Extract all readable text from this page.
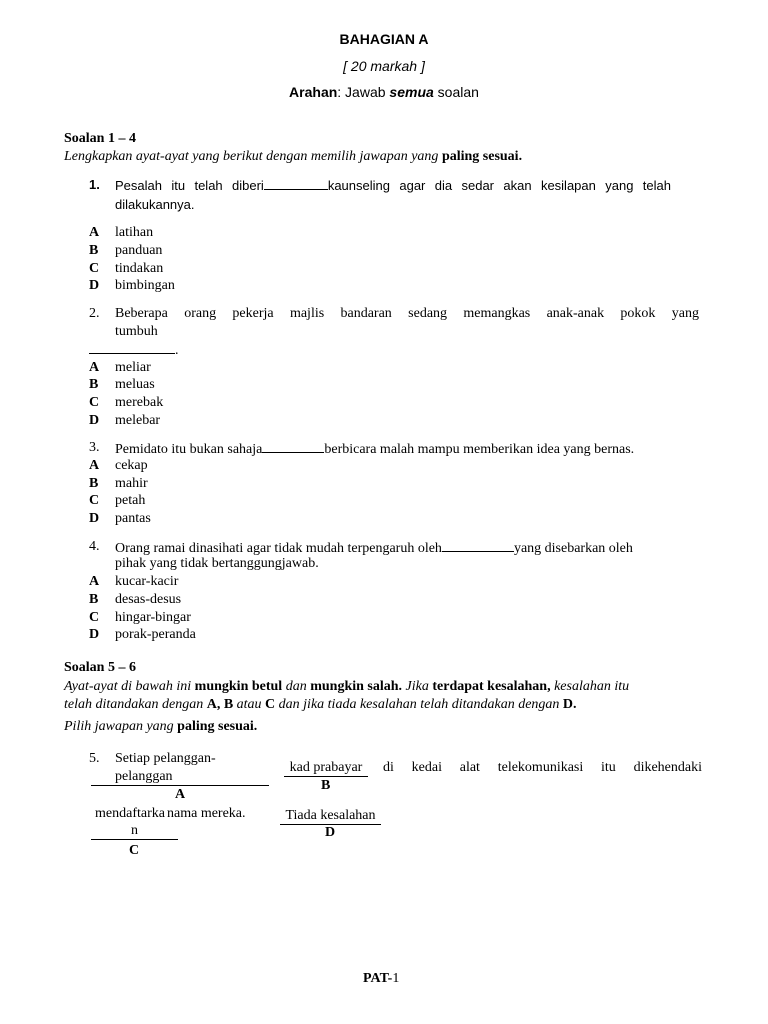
BAHAGIAN A
[ 20 markah ]
Arahan: Jawab semua soalan
Soalan 1 – 4
Lengkapkan ayat-ayat yang berikut dengan memilih jawapan yang paling sesuai.
1. Pesalah itu telah diberi	kaunseling agar dia sedar akan kesilapan yang telah
dilakukannya.
A latihan
B panduan
C tindakan
D bimbingan
2. Beberapa orang pekerja majlis bandaran sedang memangkas anak-anak pokok yang
tumbuh
.
A meliar
B meluas
C merebak
D melebar
3. Pemidato itu bukan sahaja	berbicara malah mampu memberikan idea yang bernas.
A cekap
B mahir
C petah
D pantas
4. Orang ramai dinasihati agar tidak mudah terpengaruh oleh	yang disebarkan oleh
pihak yang tidak bertanggungjawab.
A kucar-kacir
B desas-desus
C hingar-bingar
D porak-peranda
Soalan 5 – 6
Ayat-ayat di bawah ini mungkin betul dan mungkin salah. Jika terdapat kesalahan, kesalahan itu
telah ditandakan dengan A, B atau C dan jika tiada kesalahan telah ditandakan dengan D.
Pilih jawapan yang paling sesuai.
5. Setiap pelanggan-
pelanggan
A
kad prabayar
B
di kedai alat telekomunikasi itu dikehendaki
mendaftarka nama mereka.
n
C
Tiada kesalahan
D
PAT-1
